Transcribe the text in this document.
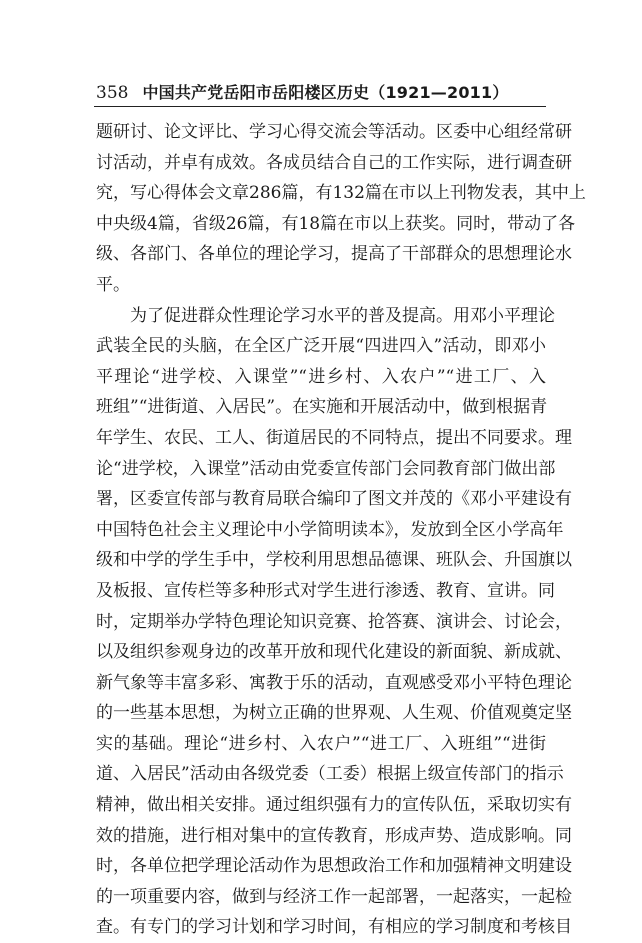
358 中国共产党岳阳市岳阳楼区历史（1921—2011）
题研讨、论文评比、学习心得交流会等活动。区委中心组经常研
讨活动，并卓有成效。各成员结合自己的工作实际，进行调查研
究，写心得体会文章286篇，有132篇在市以上刊物发表，其中上
中央级4篇，省级26篇，有18篇在市以上获奖。同时，带动了各
级、各部门、各单位的理论学习，提高了干部群众的思想理论水
平。
　　为了促进群众性理论学习水平的普及提高。用邓小平理论
武装全民的头脑，在全区广泛开展“四进四入”活动，即邓小
平理论“进学校、入课堂”“进乡村、入农户”“进工厂、入
班组”“进街道、入居民”。在实施和开展活动中，做到根据青
年学生、农民、工人、街道居民的不同特点，提出不同要求。理
论“进学校，入课堂”活动由党委宣传部门会同教育部门做出部
署，区委宣传部与教育局联合编印了图文并茂的《邓小平建设有
中国特色社会主义理论中小学简明读本》，发放到全区小学高年
级和中学的学生手中，学校利用思想品德课、班队会、升国旗以
及板报、宣传栏等多种形式对学生进行渗透、教育、宣讲。同
时，定期举办学特色理论知识竞赛、抢答赛、演讲会、讨论会，
以及组织参观身边的改革开放和现代化建设的新面貌、新成就、
新气象等丰富多彩、寓教于乐的活动，直观感受邓小平特色理论
的一些基本思想，为树立正确的世界观、人生观、价值观奠定坚
实的基础。理论“进乡村、入农户”“进工厂、入班组”“进街
道、入居民”活动由各级党委（工委）根据上级宣传部门的指示
精神，做出相关安排。通过组织强有力的宣传队伍，采取切实有
效的措施，进行相对集中的宣传教育，形成声势、造成影响。同
时，各单位把学理论活动作为思想政治工作和加强精神文明建设
的一项重要内容，做到与经济工作一起部署，一起落实，一起检
查。有专门的学习计划和学习时间，有相应的学习制度和考核目
